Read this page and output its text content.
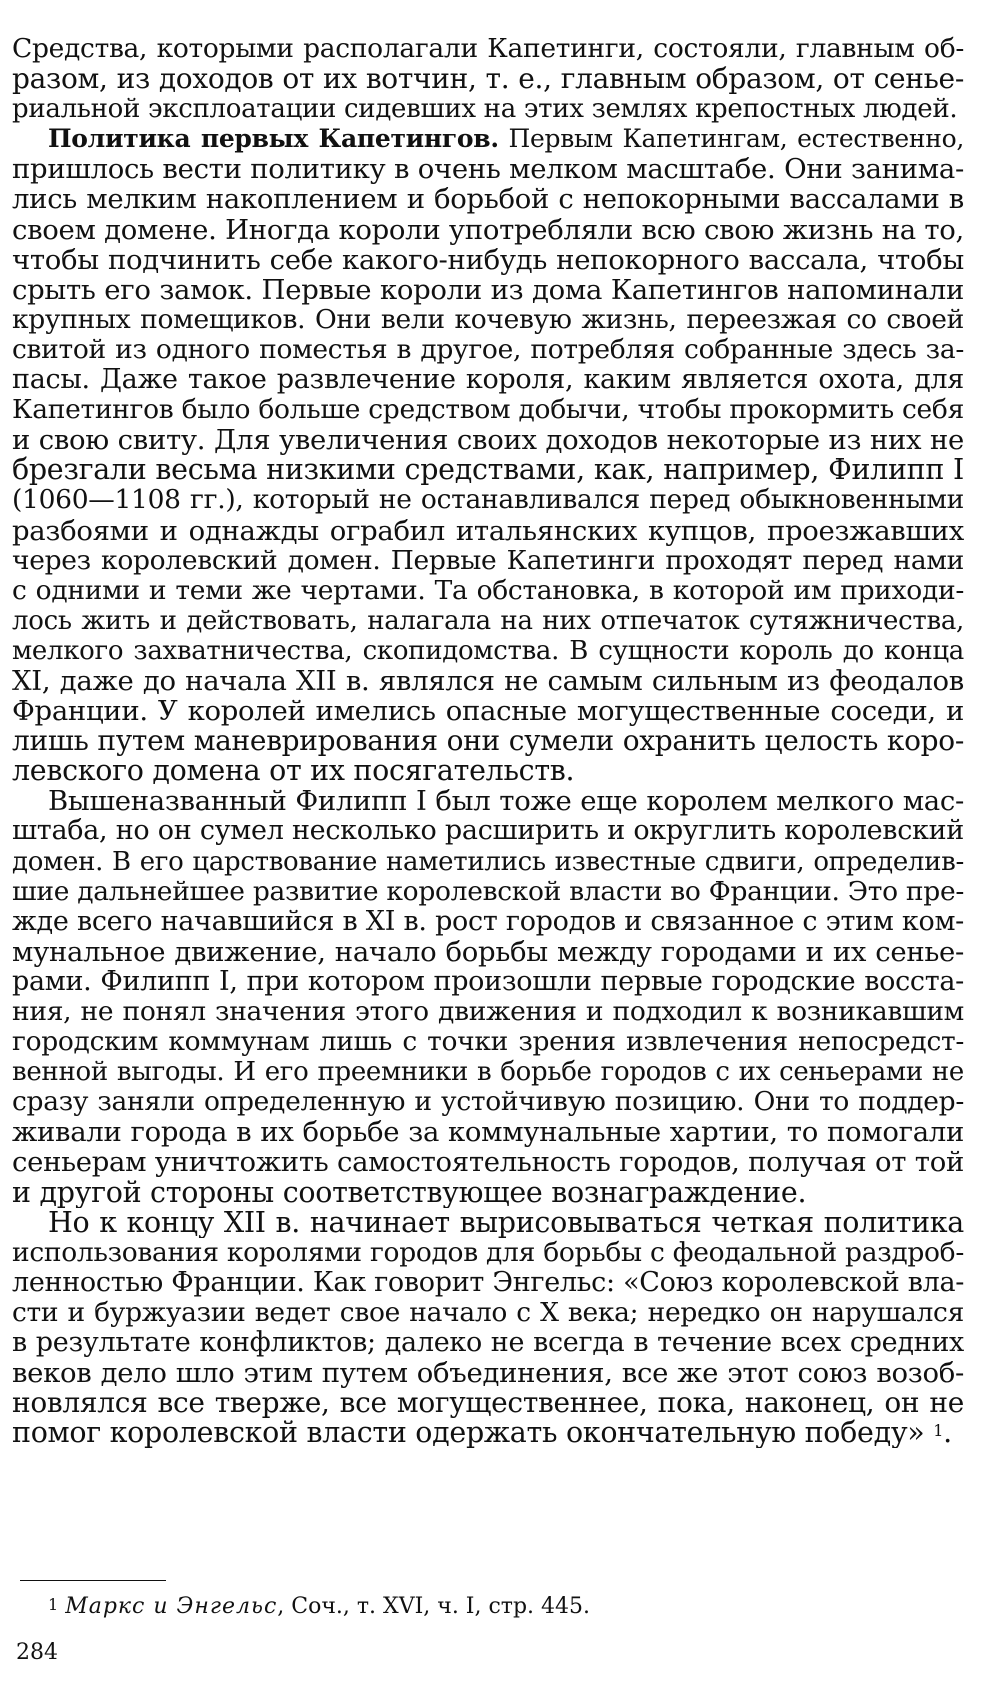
Средства, которыми располагали Капетинги, состояли, главным об-
разом, из доходов от их вотчин, т. е., главным образом, от сенье-
риальной эксплоатации сидевших на этих землях крепостных людей.
Политика первых Капетингов. Первым Капетингам, естественно,
пришлось вести политику в очень мелком масштабе. Они занима-
лись мелким накоплением и борьбой с непокорными вассалами в
своем домене. Иногда короли употребляли всю свою жизнь на то,
чтобы подчинить себе какого-нибудь непокорного вассала, чтобы
срыть его замок. Первые короли из дома Капетингов напоминали
крупных помещиков. Они вели кочевую жизнь, переезжая со своей
свитой из одного поместья в другое, потребляя собранные здесь за-
пасы. Даже такое развлечение короля, каким является охота, для
Капетингов было больше средством добычи, чтобы прокормить себя
и свою свиту. Для увеличения своих доходов некоторые из них не
брезгали весьма низкими средствами, как, например, Филипп I
(1060—1108 гг.), который не останавливался перед обыкновенными
разбоями и однажды ограбил итальянских купцов, проезжавших
через королевский домен. Первые Капетинги проходят перед нами
с одними и теми же чертами. Та обстановка, в которой им приходи-
лось жить и действовать, налагала на них отпечаток сутяжничества,
мелкого захватничества, скопидомства. В сущности король до конца
XI, даже до начала XII в. являлся не самым сильным из феодалов
Франции. У королей имелись опасные могущественные соседи, и
лишь путем маневрирования они сумели охранить целость коро-
левского домена от их посягательств.
Вышеназванный Филипп I был тоже еще королем мелкого мас-
штаба, но он сумел несколько расширить и округлить королевский
домен. В его царствование наметились известные сдвиги, определив-
шие дальнейшее развитие королевской власти во Франции. Это пре-
жде всего начавшийся в XI в. рост городов и связанное с этим ком-
мунальное движение, начало борьбы между городами и их сенье-
рами. Филипп I, при котором произошли первые городские восста-
ния, не понял значения этого движения и подходил к возникавшим
городским коммунам лишь с точки зрения извлечения непосредст-
венной выгоды. И его преемники в борьбе городов с их сеньерами не
сразу заняли определенную и устойчивую позицию. Они то поддер-
живали города в их борьбе за коммунальные хартии, то помогали
сеньерам уничтожить самостоятельность городов, получая от той
и другой стороны соответствующее вознаграждение.
Но к концу XII в. начинает вырисовываться четкая политика
использования королями городов для борьбы с феодальной раздроб-
ленностью Франции. Как говорит Энгельс: «Союз королевской вла-
сти и буржуазии ведет свое начало с X века; нередко он нарушался
в результате конфликтов; далеко не всегда в течение всех средних
веков дело шло этим путем объединения, все же этот союз возоб-
новлялся все тверже, все могущественнее, пока, наконец, он не
помог королевской власти одержать окончательную победу» $^1$.
$^1$ Маркс и Энгельс, Соч., т. XVI, ч. I, стр. 445.
284
